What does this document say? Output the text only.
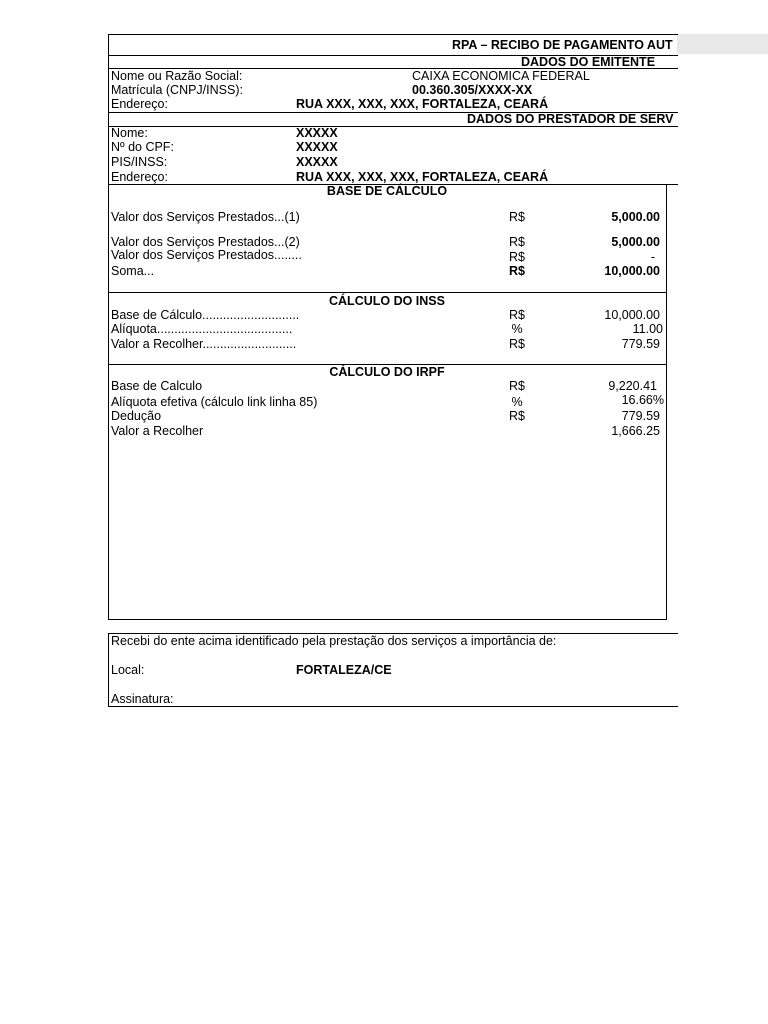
RPA – RECIBO DE PAGAMENTO AUT
DADOS DO EMITENTE
Nome ou Razão Social:	CAIXA ECONOMICA FEDERAL
Matrícula (CNPJ/INSS):	00.360.305/XXXX-XX
Endereço:	RUA XXX, XXX, XXX, FORTALEZA, CEARÁ
DADOS DO PRESTADOR DE SERV
Nome:	XXXXX
Nº do CPF:	XXXXX
PIS/INSS:	XXXXX
Endereço:	RUA XXX, XXX, XXX, FORTALEZA, CEARÁ
BASE DE CÁLCULO
Valor dos Serviços Prestados...(1)	R$	5,000.00
Valor dos Serviços Prestados...(2)	R$	5,000.00
Valor dos Serviços Prestados........	R$	-
Soma...	R$	10,000.00
CÁLCULO DO INSS
Base de Cálculo............................	R$	10,000.00
Alíquota.......................................	%	11.00
Valor a Recolher...........................	R$	779.59
CÁLCULO DO IRPF
Base de Calculo	R$	9,220.41
Alíquota efetiva (cálculo link linha 85)	%	16.66%
Dedução	R$	779.59
Valor a Recolher	1,666.25
Recebi do ente acima identificado pela prestação dos serviços a importância de:
Local:	FORTALEZA/CE
Assinatura:
